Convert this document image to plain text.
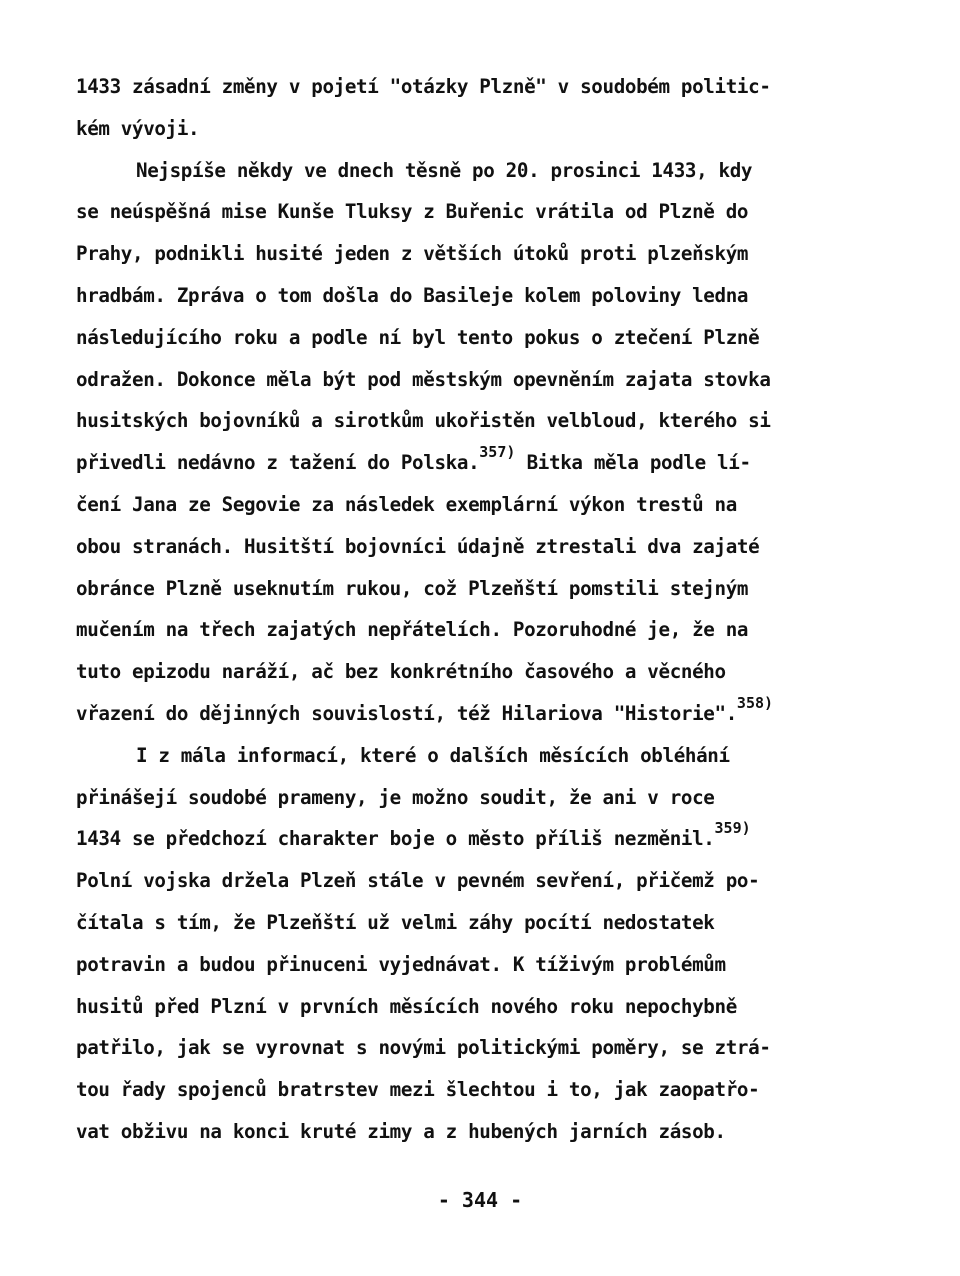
1433 zásadní změny v pojetí "otázky Plzně" v soudobém politic-
kém vývoji.
Nejspíše někdy ve dnech těsně po 20. prosinci 1433, kdy
se neúspěšná mise Kunše Tluksy z Buřenic vrátila od Plzně do
Prahy, podnikli husité jeden z větších útoků proti plzeňským
hradbám. Zpráva o tom došla do Basileje kolem poloviny ledna
následujícího roku a podle ní byl tento pokus o ztečení Plzně
odražen. Dokonce měla být pod městským opevněním zajata stovka
husitských bojovníků a sirotkům ukořistěn velbloud, kterého si
přivedli nedávno z tažení do Polska.$^{357)}$ Bitka měla podle lí-
čení Jana ze Segovie za následek exemplární výkon trestů na
obou stranách. Husitští bojovníci údajně ztrestali dva zajaté
obránce Plzně useknutím rukou, což Plzeňští pomstili stejným
mučením na třech zajatých nepřátelích. Pozoruhodné je, že na
tuto epizodu naráží, ač bez konkrétního časového a věcného
vřazení do dějinných souvislostí, též Hilariova "Historie".$^{358)}$
I z mála informací, které o dalších měsících obléhání
přinášejí soudobé prameny, je možno soudit, že ani v roce
1434 se předchozí charakter boje o město příliš nezměnil.$^{359)}$
Polní vojska držela Plzeň stále v pevném sevření, přičemž po-
čítala s tím, že Plzeňští už velmi záhy pocítí nedostatek
potravin a budou přinuceni vyjednávat. K tíživým problémům
husitů před Plzní v prvních měsících nového roku nepochybně
patřilo, jak se vyrovnat s novými politickými poměry, se ztrá-
tou řady spojenců bratrstev mezi šlechtou i to, jak zaopatřo-
vat obživu na konci kruté zimy a z hubených jarních zásob.
- 344 -
